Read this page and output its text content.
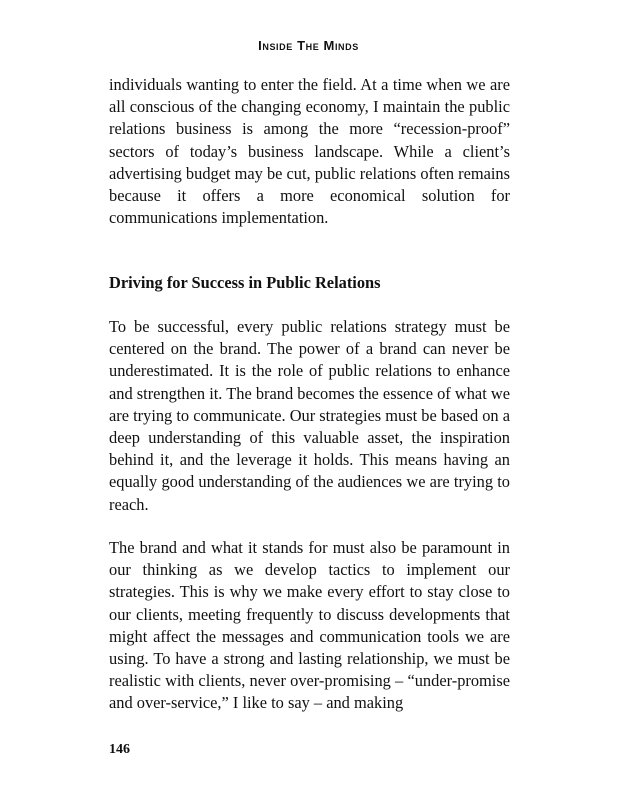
Inside The Minds

individuals wanting to enter the field. At a time when we are all conscious of the changing economy, I maintain the public relations business is among the more “recession-proof” sectors of today’s business landscape. While a client’s advertising budget may be cut, public relations often remains because it offers a more economical solution for communications implementation.

Driving for Success in Public Relations

To be successful, every public relations strategy must be centered on the brand. The power of a brand can never be underestimated. It is the role of public relations to enhance and strengthen it. The brand becomes the essence of what we are trying to communicate. Our strategies must be based on a deep understanding of this valuable asset, the inspiration behind it, and the leverage it holds. This means having an equally good understanding of the audiences we are trying to reach.

The brand and what it stands for must also be paramount in our thinking as we develop tactics to implement our strategies. This is why we make every effort to stay close to our clients, meeting frequently to discuss developments that might affect the messages and communication tools we are using. To have a strong and lasting relationship, we must be realistic with clients, never over-promising – “under-promise and over-service,” I like to say – and making

146
